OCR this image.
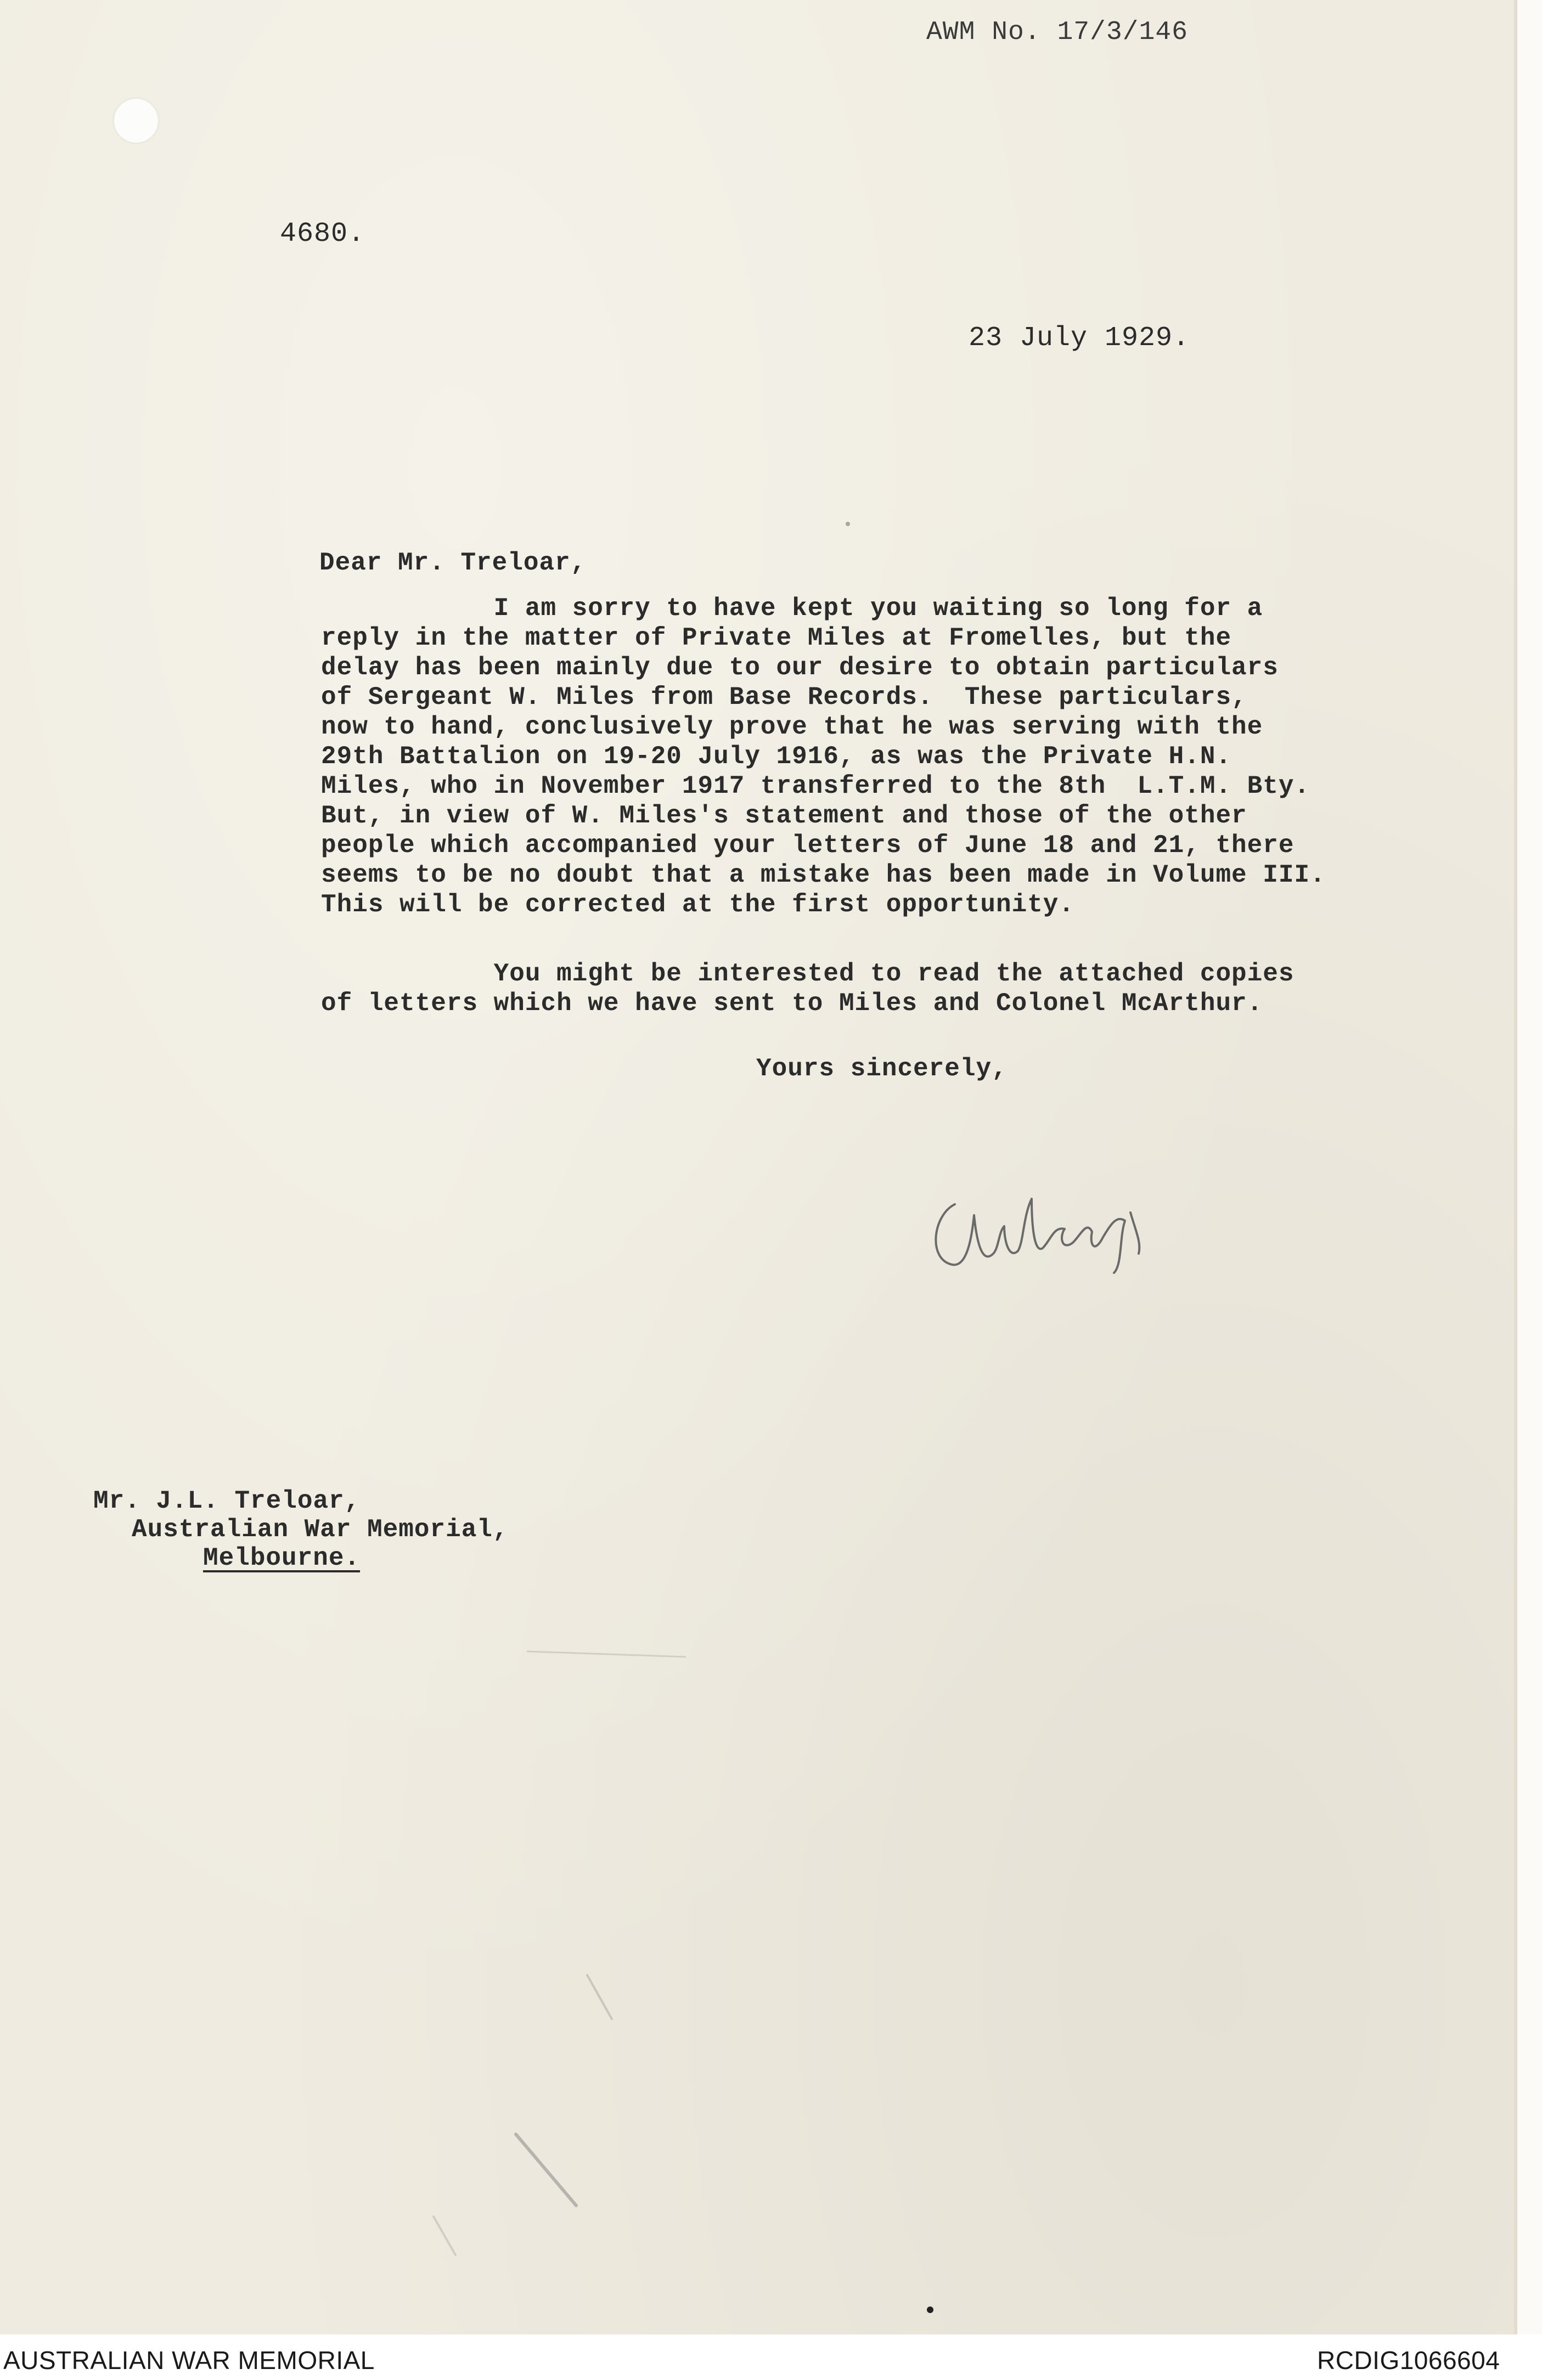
AWM No. 17/3/146
4680.
23 July 1929.
Dear Mr. Treloar,
I am sorry to have kept you waiting so long for a
reply in the matter of Private Miles at Fromelles, but the
delay has been mainly due to our desire to obtain particulars
of Sergeant W. Miles from Base Records.  These particulars,
now to hand, conclusively prove that he was serving with the
29th Battalion on 19-20 July 1916, as was the Private H.N.
Miles, who in November 1917 transferred to the 8th  L.T.M. Bty.
But, in view of W. Miles's statement and those of the other
people which accompanied your letters of June 18 and 21, there
seems to be no doubt that a mistake has been made in Volume III.
This will be corrected at the first opportunity.
You might be interested to read the attached copies
of letters which we have sent to Miles and Colonel McArthur.
Yours sincerely,
Mr. J.L. Treloar,
Australian War Memorial,
Melbourne.
AUSTRALIAN WAR MEMORIAL	RCDIG1066604
